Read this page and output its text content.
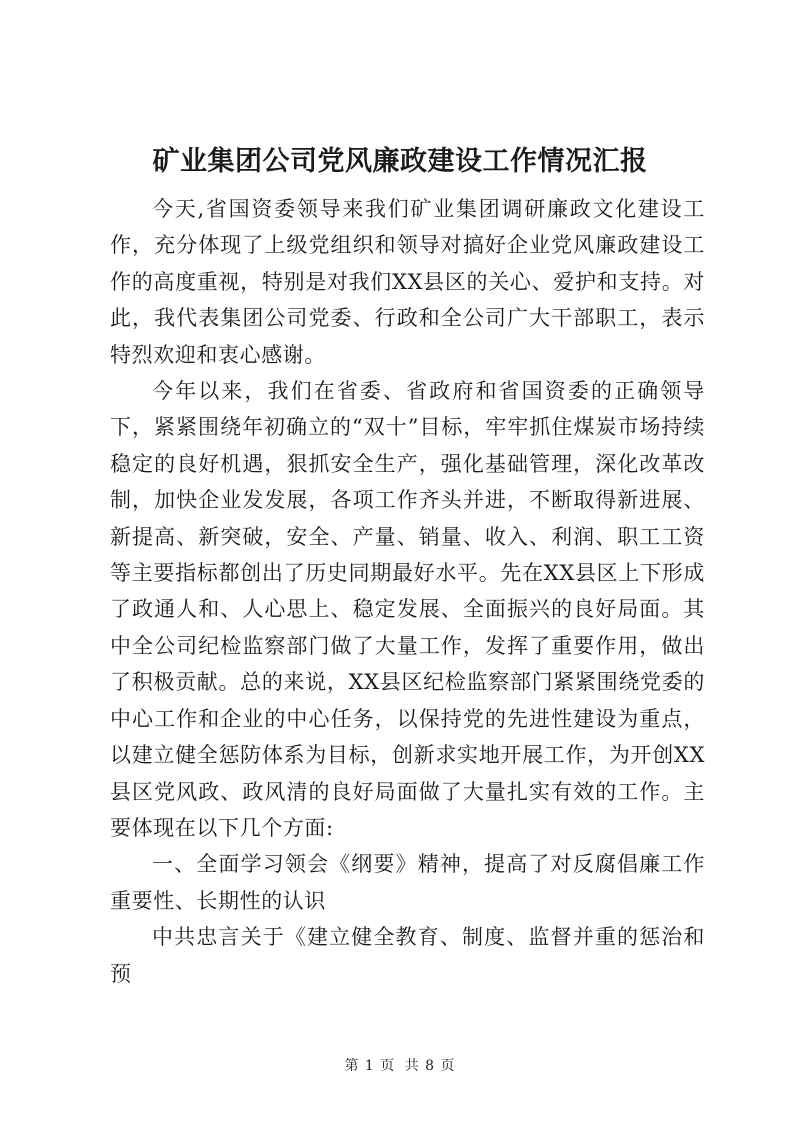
矿业集团公司党风廉政建设工作情况汇报

今天,省国资委领导来我们矿业集团调研廉政文化建设工作，充分体现了上级党组织和领导对搞好企业党风廉政建设工作的高度重视，特别是对我们XX县区的关心、爱护和支持。对此，我代表集团公司党委、行政和全公司广大干部职工，表示特烈欢迎和衷心感谢。

今年以来，我们在省委、省政府和省国资委的正确领导下，紧紧围绕年初确立的“双十”目标，牢牢抓住煤炭市场持续稳定的良好机遇，狠抓安全生产，强化基础管理，深化改革改制，加快企业发发展，各项工作齐头并进，不断取得新进展、新提高、新突破，安全、产量、销量、收入、利润、职工工资等主要指标都创出了历史同期最好水平。先在XX县区上下形成了政通人和、人心思上、稳定发展、全面振兴的良好局面。其中全公司纪检监察部门做了大量工作，发挥了重要作用，做出了积极贡献。总的来说，XX县区纪检监察部门紧紧围绕党委的中心工作和企业的中心任务，以保持党的先进性建设为重点，以建立健全惩防体系为目标，创新求实地开展工作，为开创XX县区党风政、政风清的良好局面做了大量扎实有效的工作。主要体现在以下几个方面:

一、全面学习领会《纲要》精神，提高了对反腐倡廉工作重要性、长期性的认识

中共忠言关于《建立健全教育、制度、监督并重的惩治和预

第 1 页 共 8 页
